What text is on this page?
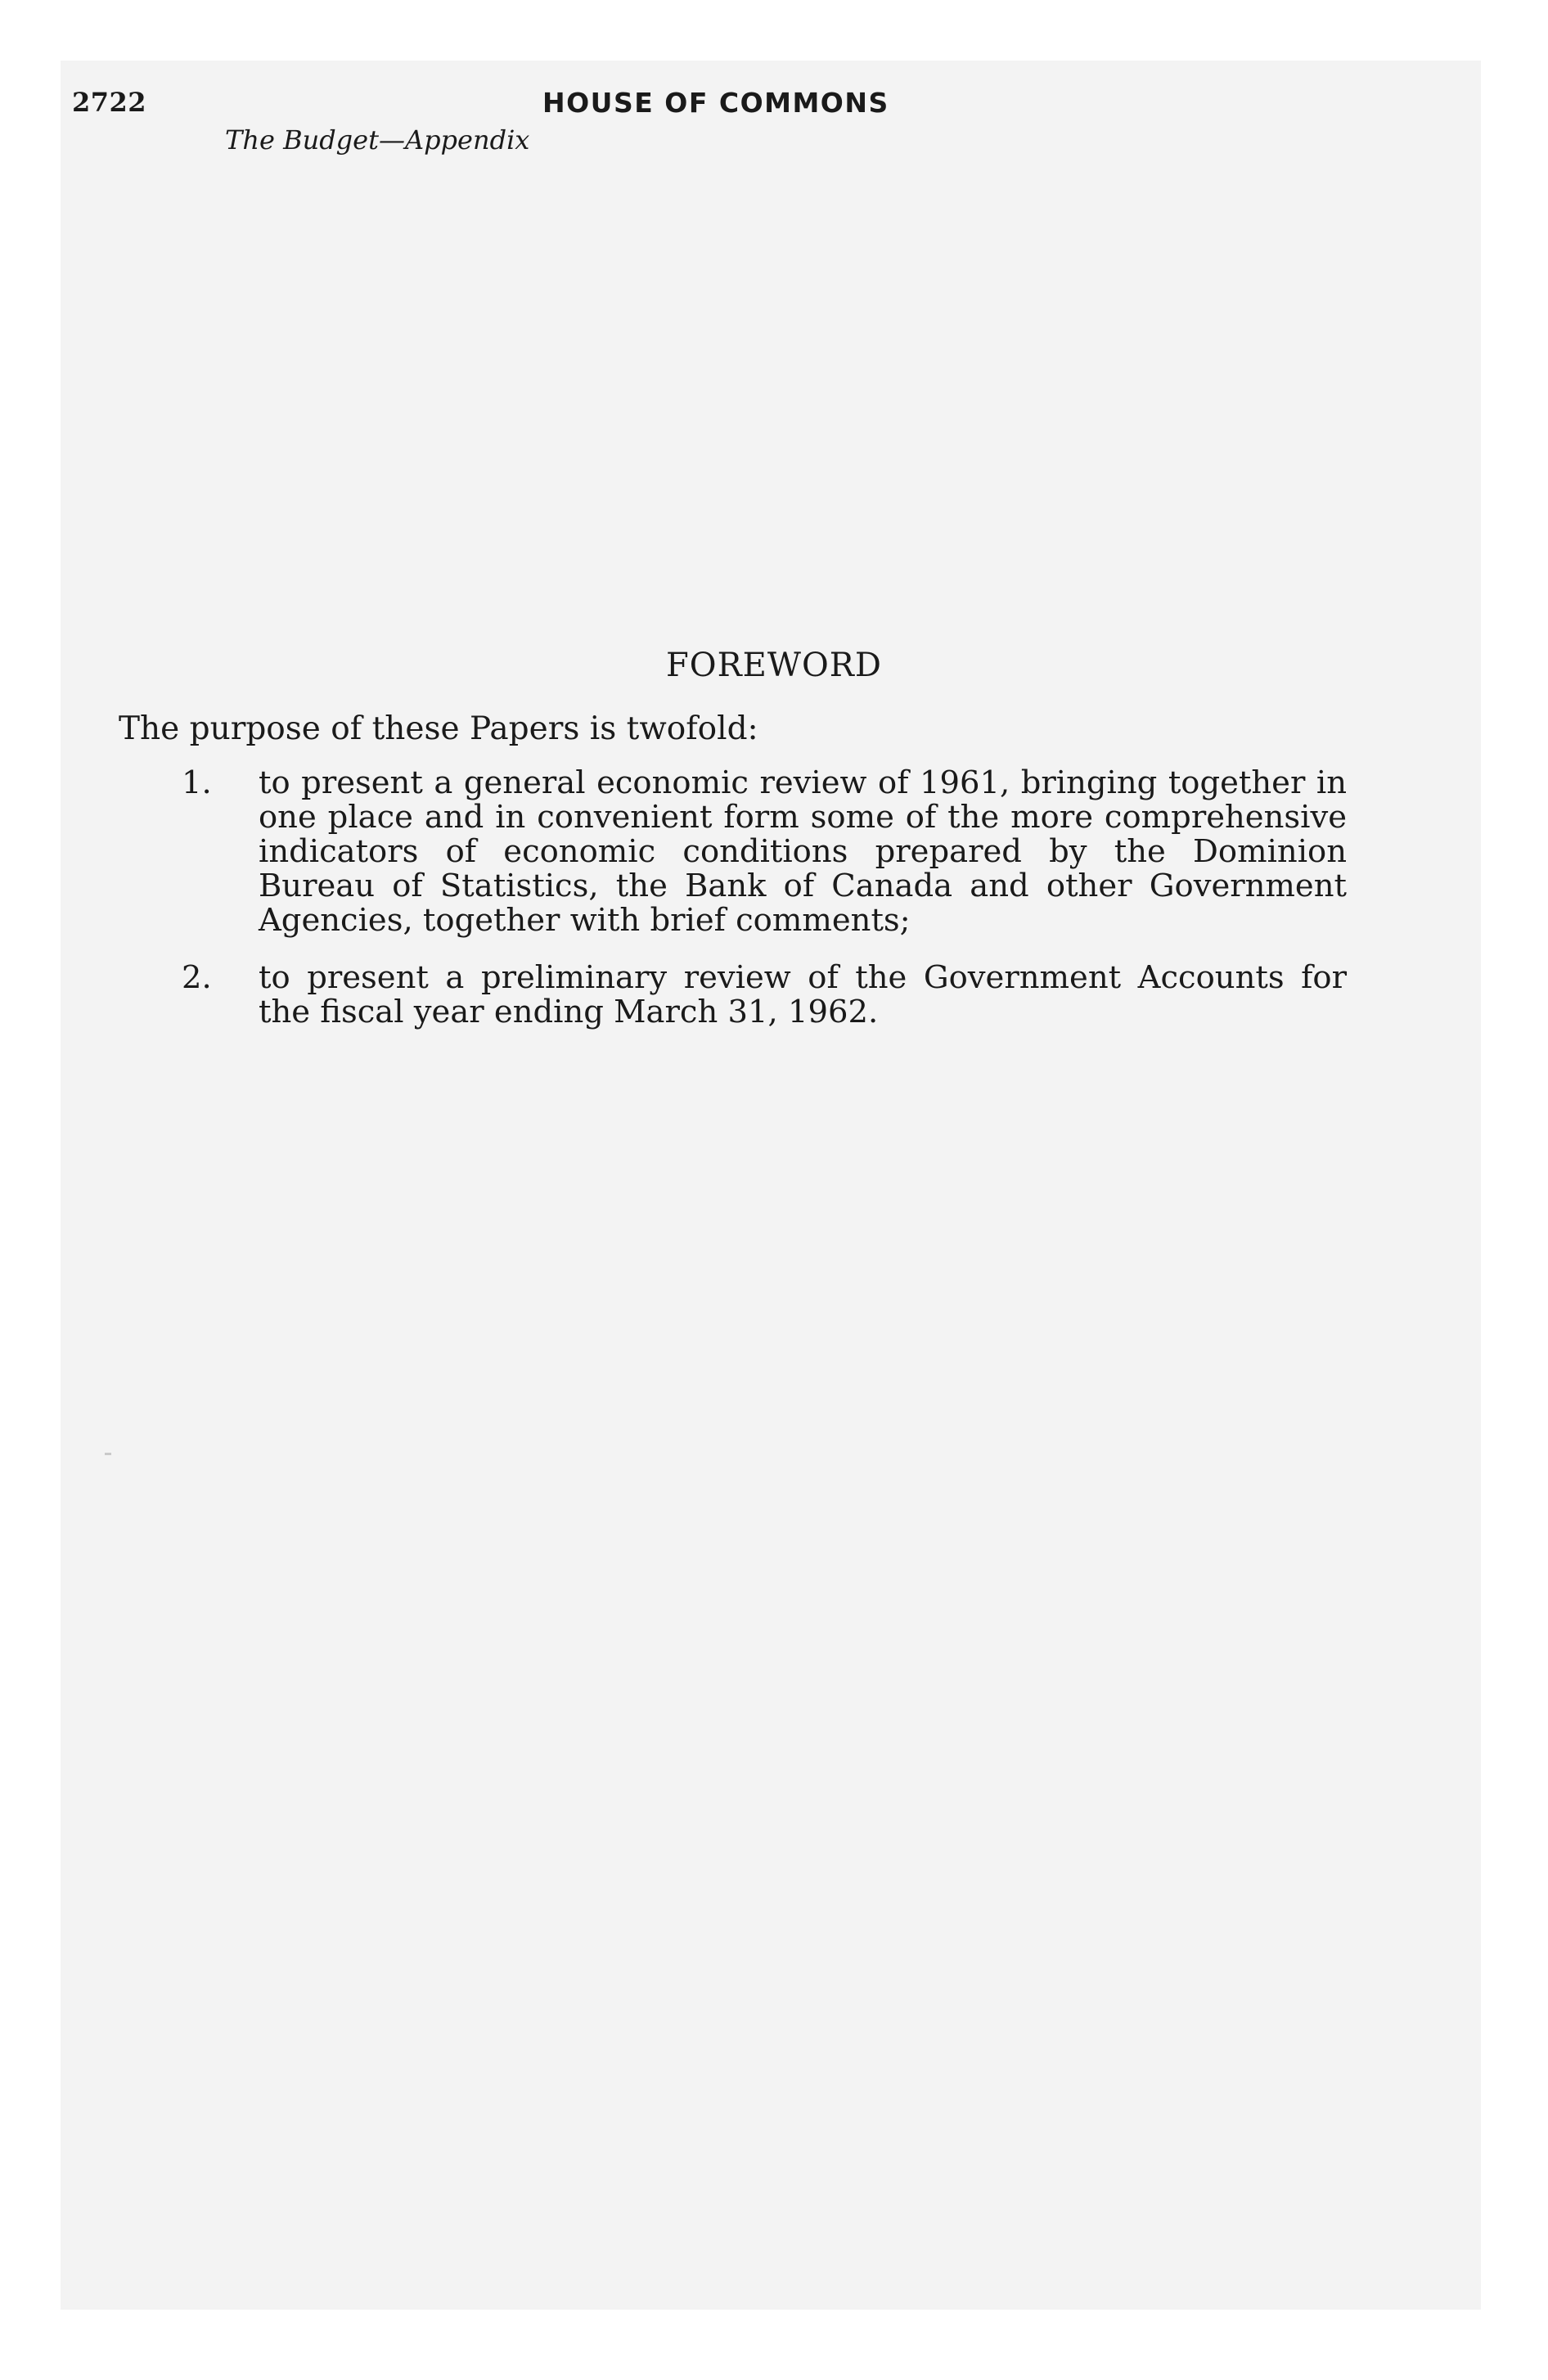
2722	HOUSE OF COMMONS
The Budget—Appendix
FOREWORD
The purpose of these Papers is twofold:
1. to present a general economic review of 1961, bringing together in one place and in convenient form some of the more comprehensive indicators of economic conditions prepared by the Dominion Bureau of Statistics, the Bank of Canada and other Government Agencies, together with brief comments;
2. to present a preliminary review of the Government Accounts for the fiscal year ending March 31, 1962.
